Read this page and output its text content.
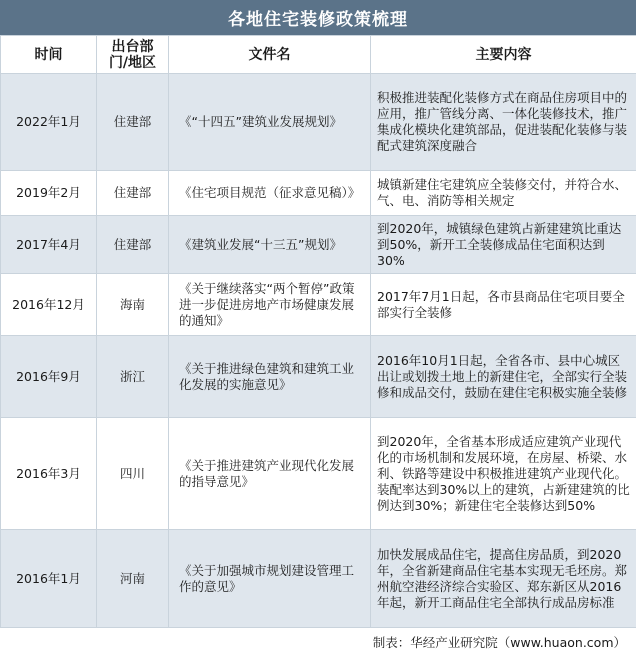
各地住宅装修政策梳理
时间	出台部门/地区	文件名	主要内容
2022年1月	住建部	《“十四五”建筑业发展规划》	积极推进装配化装修方式在商品住房项目中的应用，推广管线分离、一体化装修技术，推广集成化模块化建筑部品，促进装配化装修与装配式建筑深度融合
2019年2月	住建部	《住宅项目规范（征求意见稿）》	城镇新建住宅建筑应全装修交付，并符合水、气、电、消防等相关规定
2017年4月	住建部	《建筑业发展“十三五”规划》	到2020年，城镇绿色建筑占新建建筑比重达到50%，新开工全装修成品住宅面积达到30%
2016年12月	海南	《关于继续落实“两个暂停”政策进一步促进房地产市场健康发展的通知》	2017年7月1日起，各市县商品住宅项目要全部实行全装修
2016年9月	浙江	《关于推进绿色建筑和建筑工业化发展的实施意见》	2016年10月1日起，全省各市、县中心城区出让或划拨土地上的新建住宅，全部实行全装修和成品交付，鼓励在建住宅积极实施全装修
2016年3月	四川	《关于推进建筑产业现代化发展的指导意见》	到2020年，全省基本形成适应建筑产业现代化的市场机制和发展环境，在房屋、桥梁、水利、铁路等建设中积极推进建筑产业现代化。装配率达到30%以上的建筑，占新建建筑的比例达到30%；新建住宅全装修达到50%
2016年1月	河南	《关于加强城市规划建设管理工作的意见》	加快发展成品住宅，提高住房品质，到2020年，全省新建商品住宅基本实现无毛坯房。郑州航空港经济综合实验区、郑东新区从2016年起，新开工商品住宅全部执行成品房标准
制表：华经产业研究院（www.huaon.com）
